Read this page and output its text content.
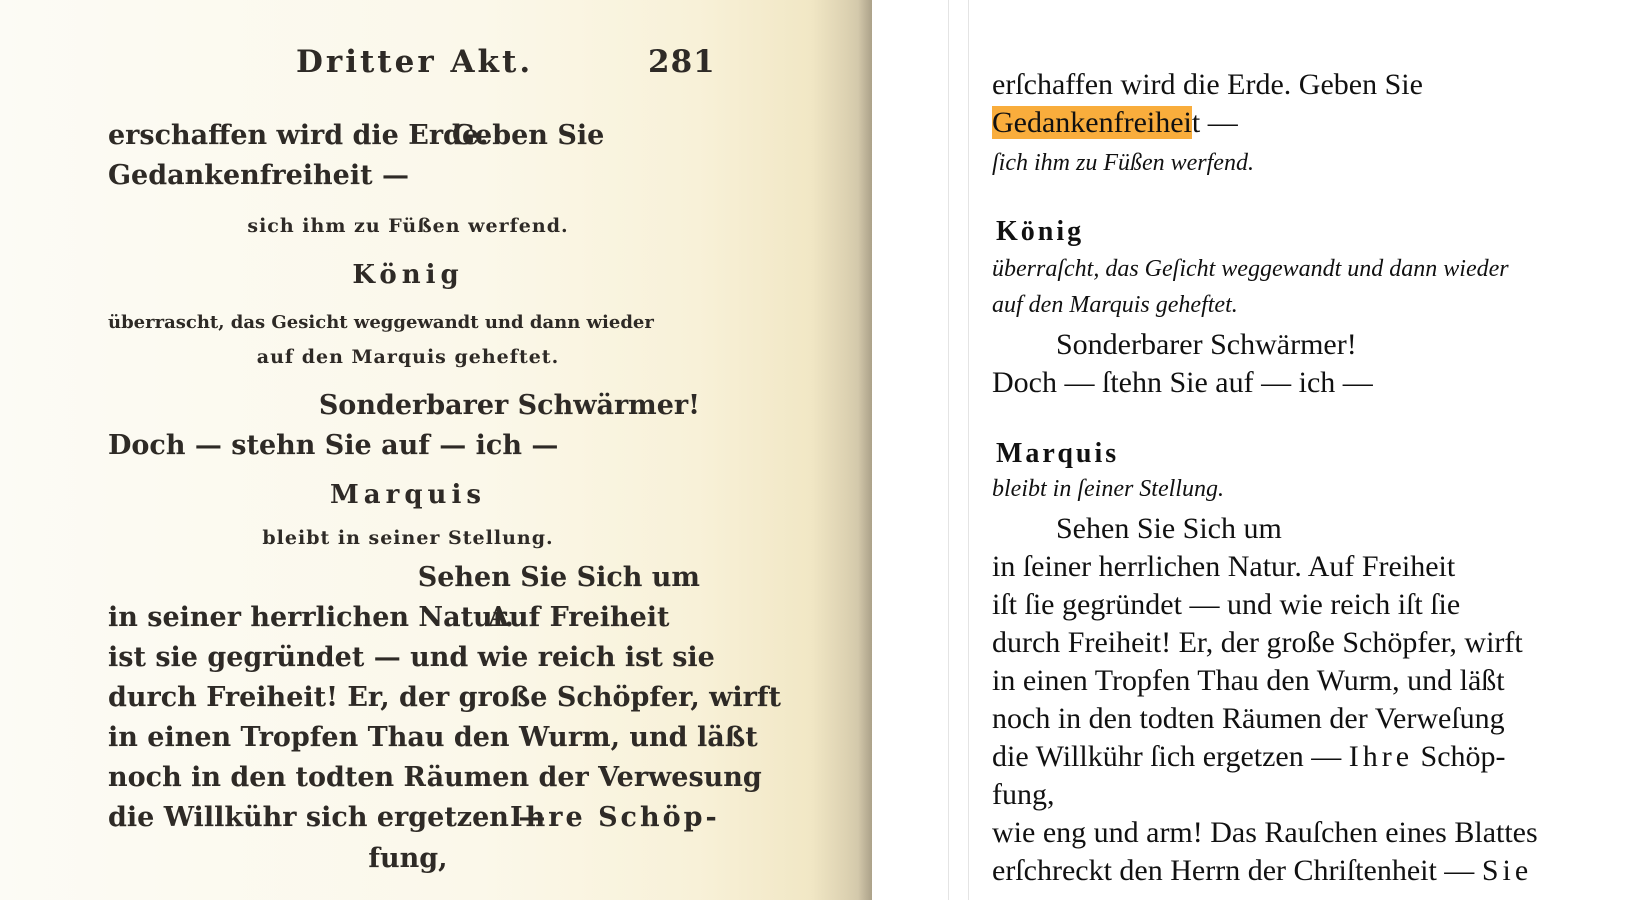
Dritter Akt.	281
erschaffen wird die Erde.
Geben Sie
Gedankenfreiheit —
sich ihm zu Füßen werfend.
König
überrascht, das Gesicht weggewandt und dann wieder
auf den Marquis geheftet.
Sonderbarer Schwärmer!
Doch — stehn Sie auf — ich —
Marquis
bleibt in seiner Stellung.
Sehen Sie Sich um
in seiner herrlichen Natur.
Auf Freiheit
ist sie gegründet — und wie reich ist sie
durch Freiheit! Er, der große Schöpfer, wirft
in einen Tropfen Thau den Wurm, und läßt
noch in den todten Räumen der Verwesung
die Willkühr sich ergetzen —
Ihre Schöp-
fung,
erſchaffen wird die Erde. Geben Sie
Gedankenfreiheit —
ſich ihm zu Füßen werfend.
König
überraſcht, das Geſicht weggewandt und dann wieder
auf den Marquis geheftet.
Sonderbarer Schwärmer!
Doch — ſtehn Sie auf — ich —
Marquis
bleibt in ſeiner Stellung.
Sehen Sie Sich um
in ſeiner herrlichen Natur. Auf Freiheit
iſt ſie gegründet — und wie reich iſt ſie
durch Freiheit! Er, der große Schöpfer, wirft
in einen Tropfen Thau den Wurm, und läßt
noch in den todten Räumen der Verweſung
die Willkühr ſich ergetzen — Ihre Schöp-
fung,
wie eng und arm! Das Rauſchen eines Blattes
erſchreckt den Herrn der Chriſtenheit — Sie
